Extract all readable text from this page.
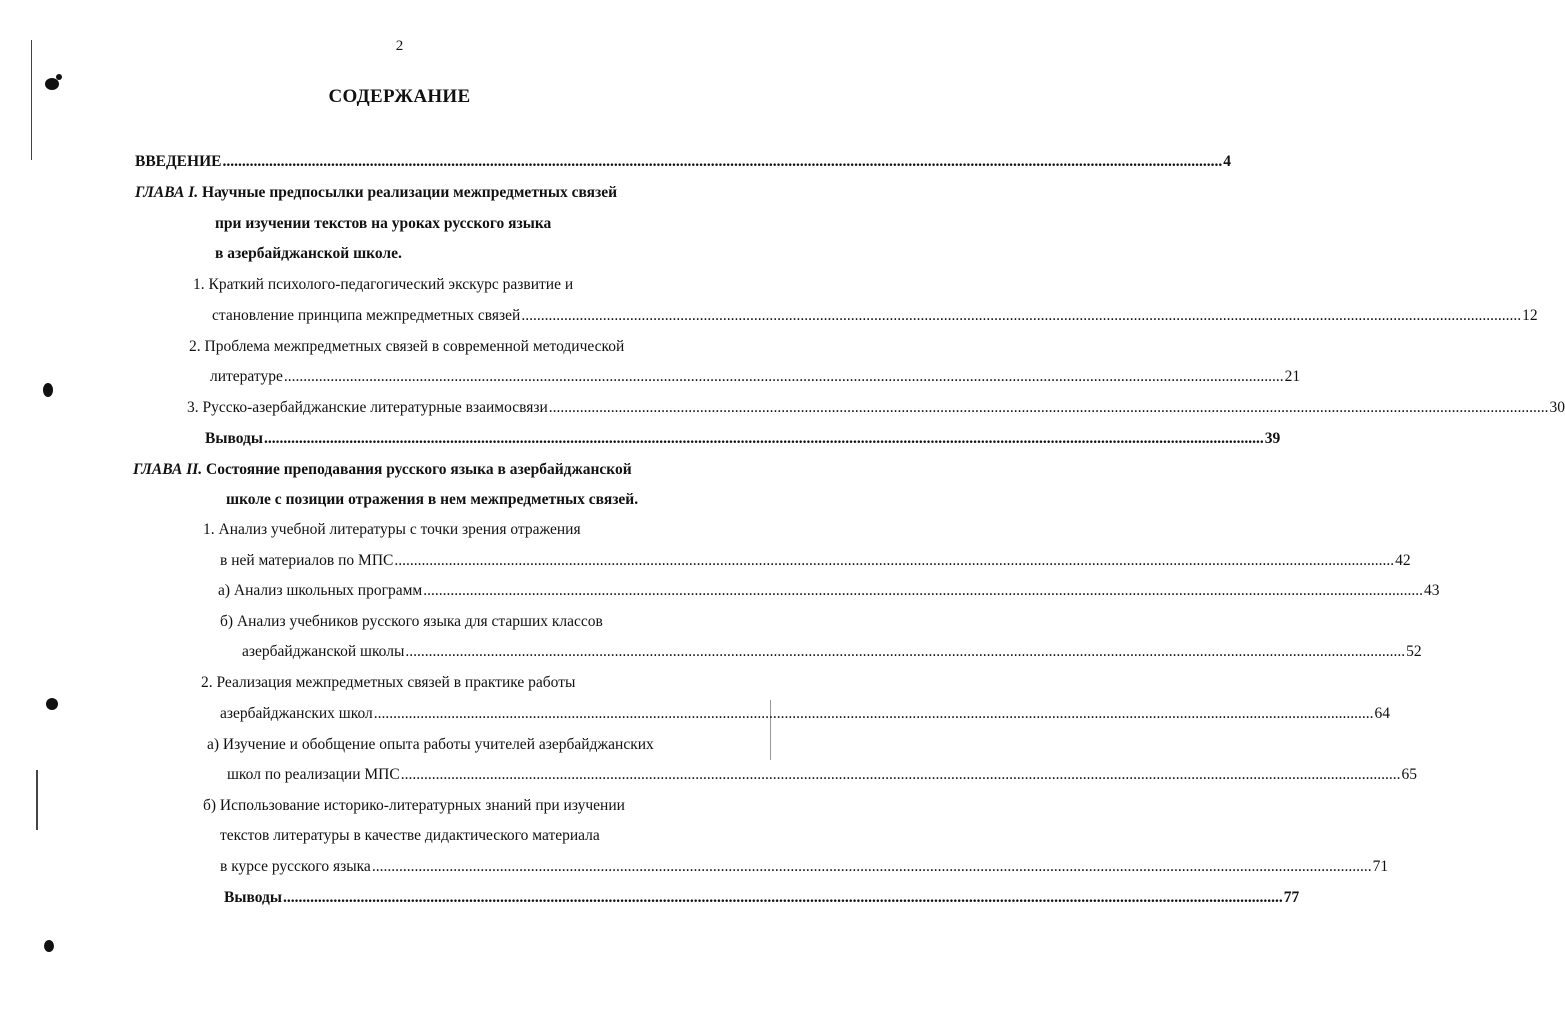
2
СОДЕРЖАНИЕ
ВВЕДЕНИЕ .................................................................................................................................................................................................................................................................. 4
ГЛАВА I. Научные предпосылки реализации межпредметных связей
при изучении текстов на уроках русского языка
в азербайджанской школе.
1. Краткий психолого-педагогический экскурс развитие и
становление принципа межпредметных связей .................................................................................................................................................................................................................................................................. 12
2. Проблема межпредметных связей в современной методической
литературе .................................................................................................................................................................................................................................................................. 21
3. Русско-азербайджанские литературные взаимосвязи .................................................................................................................................................................................................................................................................. 30
Выводы .................................................................................................................................................................................................................................................................. 39
ГЛАВА II. Состояние преподавания русского языка в азербайджанской
школе с позиции отражения в нем межпредметных связей.
1. Анализ учебной литературы с точки зрения отражения
в ней материалов по МПС .................................................................................................................................................................................................................................................................. 42
а) Анализ школьных программ .................................................................................................................................................................................................................................................................. 43
б) Анализ учебников русского языка для старших классов
азербайджанской школы .................................................................................................................................................................................................................................................................. 52
2. Реализация межпредметных связей в практике работы
азербайджанских школ .................................................................................................................................................................................................................................................................. 64
а) Изучение и обобщение опыта работы учителей азербайджанских
школ по реализации МПС .................................................................................................................................................................................................................................................................. 65
б) Использование историко-литературных знаний при изучении
текстов литературы в качестве дидактического материала
в курсе русского языка .................................................................................................................................................................................................................................................................. 71
Выводы .................................................................................................................................................................................................................................................................. 77
